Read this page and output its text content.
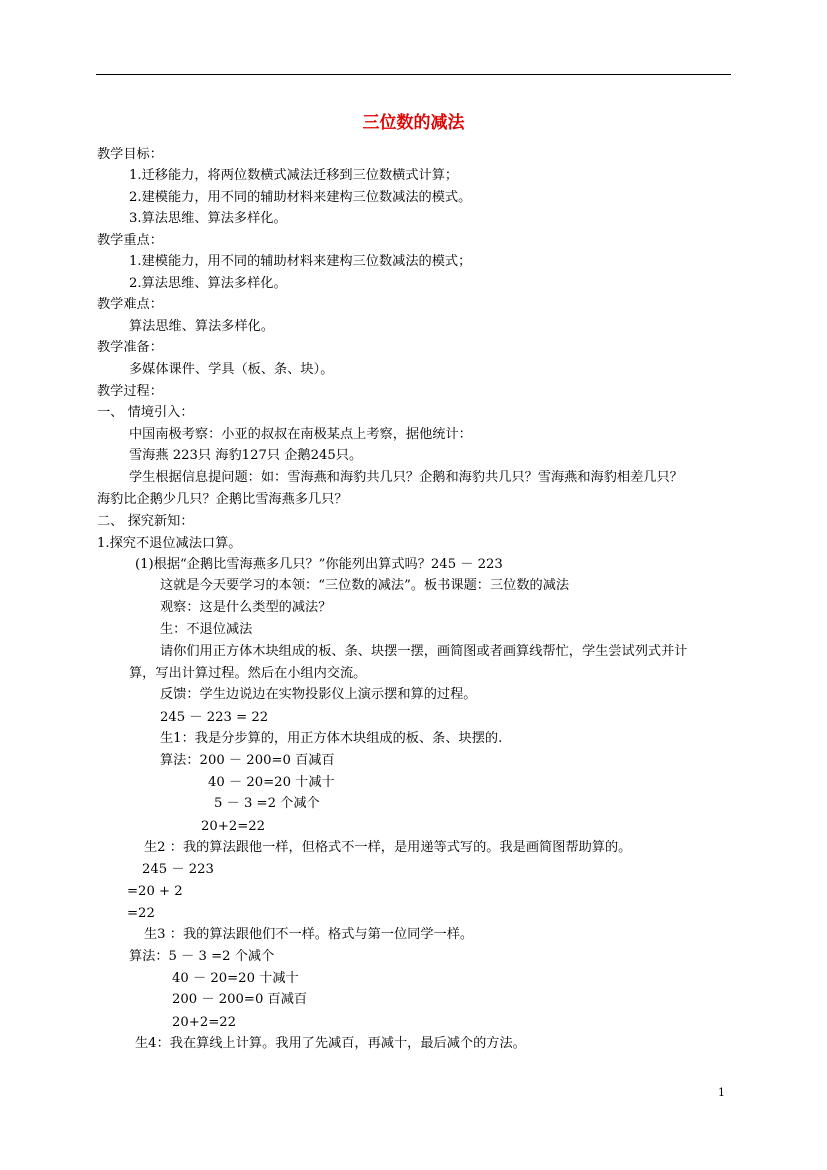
三位数的减法
教学目标：
1.迁移能力，将两位数横式减法迁移到三位数横式计算；
2.建模能力，用不同的辅助材料来建构三位数减法的模式。
3.算法思维、算法多样化。
教学重点：
1.建模能力，用不同的辅助材料来建构三位数减法的模式；
2.算法思维、算法多样化。
教学难点：
算法思维、算法多样化。
教学准备：
多媒体课件、学具（板、条、块）。
教学过程：
一、 情境引入：
中国南极考察：小亚的叔叔在南极某点上考察，据他统计：
雪海燕 223只 海豹127只 企鹅245只。
学生根据信息提问题：如：雪海燕和海豹共几只？企鹅和海豹共几只？雪海燕和海豹相差几只？
海豹比企鹅少几只？企鹅比雪海燕多几只？
二、 探究新知：
1.探究不退位减法口算。
(1)根据“企鹅比雪海燕多几只？”你能列出算式吗？245 － 223
这就是今天要学习的本领：“三位数的减法”。板书课题：三位数的减法
观察：这是什么类型的减法？
生：不退位减法
请你们用正方体木块组成的板、条、块摆一摆，画简图或者画算线帮忙，学生尝试列式并计
算，写出计算过程。然后在小组内交流。
反馈：学生边说边在实物投影仪上演示摆和算的过程。
245 － 223 = 22
生1：我是分步算的，用正方体木块组成的板、条、块摆的.
算法：200 － 200=0 百减百
40 － 20=20 十减十
5 － 3 =2 个减个
20+2=22
生2 ：我的算法跟他一样，但格式不一样，是用递等式写的。我是画简图帮助算的。
245 － 223
=20 + 2
=22
生3 ：我的算法跟他们不一样。格式与第一位同学一样。
算法：5 － 3 =2 个减个
40 － 20=20 十减十
200 － 200=0 百减百
20+2=22
生4：我在算线上计算。我用了先减百，再减十，最后减个的方法。
1
